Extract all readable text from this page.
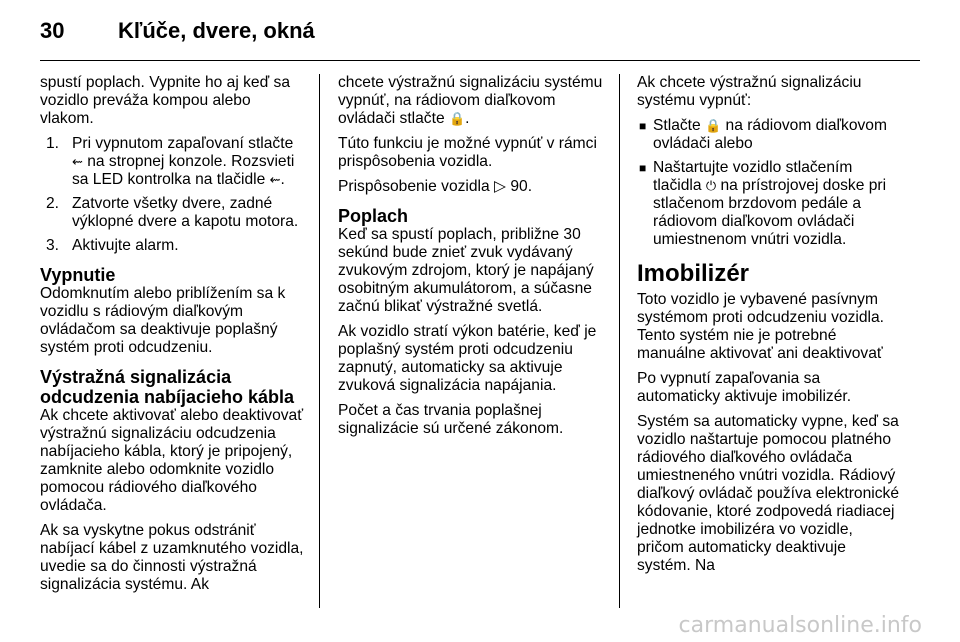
30 Kľúče, dvere, okná

spustí poplach. Vypnite ho aj keď sa vozidlo preváža kompou alebo vlakom.

1. Pri vypnutom zapaľovaní stlačte ⇜ na stropnej konzole. Rozsvieti sa LED kontrolka na tlačidle ⇜.
2. Zatvorte všetky dvere, zadné výklopné dvere a kapotu motora.
3. Aktivujte alarm.
Vypnutie

Odomknutím alebo priblížením sa k vozidlu s rádiovým diaľkovým ovládačom sa deaktivuje poplašný systém proti odcudzeniu.

Výstražná signalizácia odcudzenia nabíjacieho kábla

Ak chcete aktivovať alebo deaktivovať výstražnú signalizáciu odcudzenia nabíjacieho kábla, ktorý je pripojený, zamknite alebo odomknite vozidlo pomocou rádiového diaľkového ovládača.

Ak sa vyskytne pokus odstrániť nabíjací kábel z uzamknutého vozidla, uvedie sa do činnosti výstražná signalizácia systému. Ak

chcete výstražnú signalizáciu systému vypnúť, na rádiovom diaľkovom ovládači stlačte 🔒.

Túto funkciu je možné vypnúť v rámci prispôsobenia vozidla.

Prispôsobenie vozidla ▷ 90.

Poplach

Keď sa spustí poplach, približne 30 sekúnd bude znieť zvuk vydávaný zvukovým zdrojom, ktorý je napájaný osobitným akumulátorom, a súčasne začnú blikať výstražné svetlá.

Ak vozidlo stratí výkon batérie, keď je poplašný systém proti odcudzeniu zapnutý, automaticky sa aktivuje zvuková signalizácia napájania.

Počet a čas trvania poplašnej signalizácie sú určené zákonom.

Ak chcete výstražnú signalizáciu systému vypnúť:

■ Stlačte 🔒 na rádiovom diaľkovom ovládači alebo
■ Naštartujte vozidlo stlačením tlačidla ⏻ na prístrojovej doske pri stlačenom brzdovom pedále a rádiovom diaľkovom ovládači umiestnenom vnútri vozidla.
Imobilizér

Toto vozidlo je vybavené pasívnym systémom proti odcudzeniu vozidla. Tento systém nie je potrebné manuálne aktivovať ani deaktivovať

Po vypnutí zapaľovania sa automaticky aktivuje imobilizér.

Systém sa automaticky vypne, keď sa vozidlo naštartuje pomocou platného rádiového diaľkového ovládača umiestneného vnútri vozidla. Rádiový diaľkový ovládač používa elektronické kódovanie, ktoré zodpovedá riadiacej jednotke imobilizéra vo vozidle, pričom automaticky deaktivuje systém. Na

carmanualsonline.info
